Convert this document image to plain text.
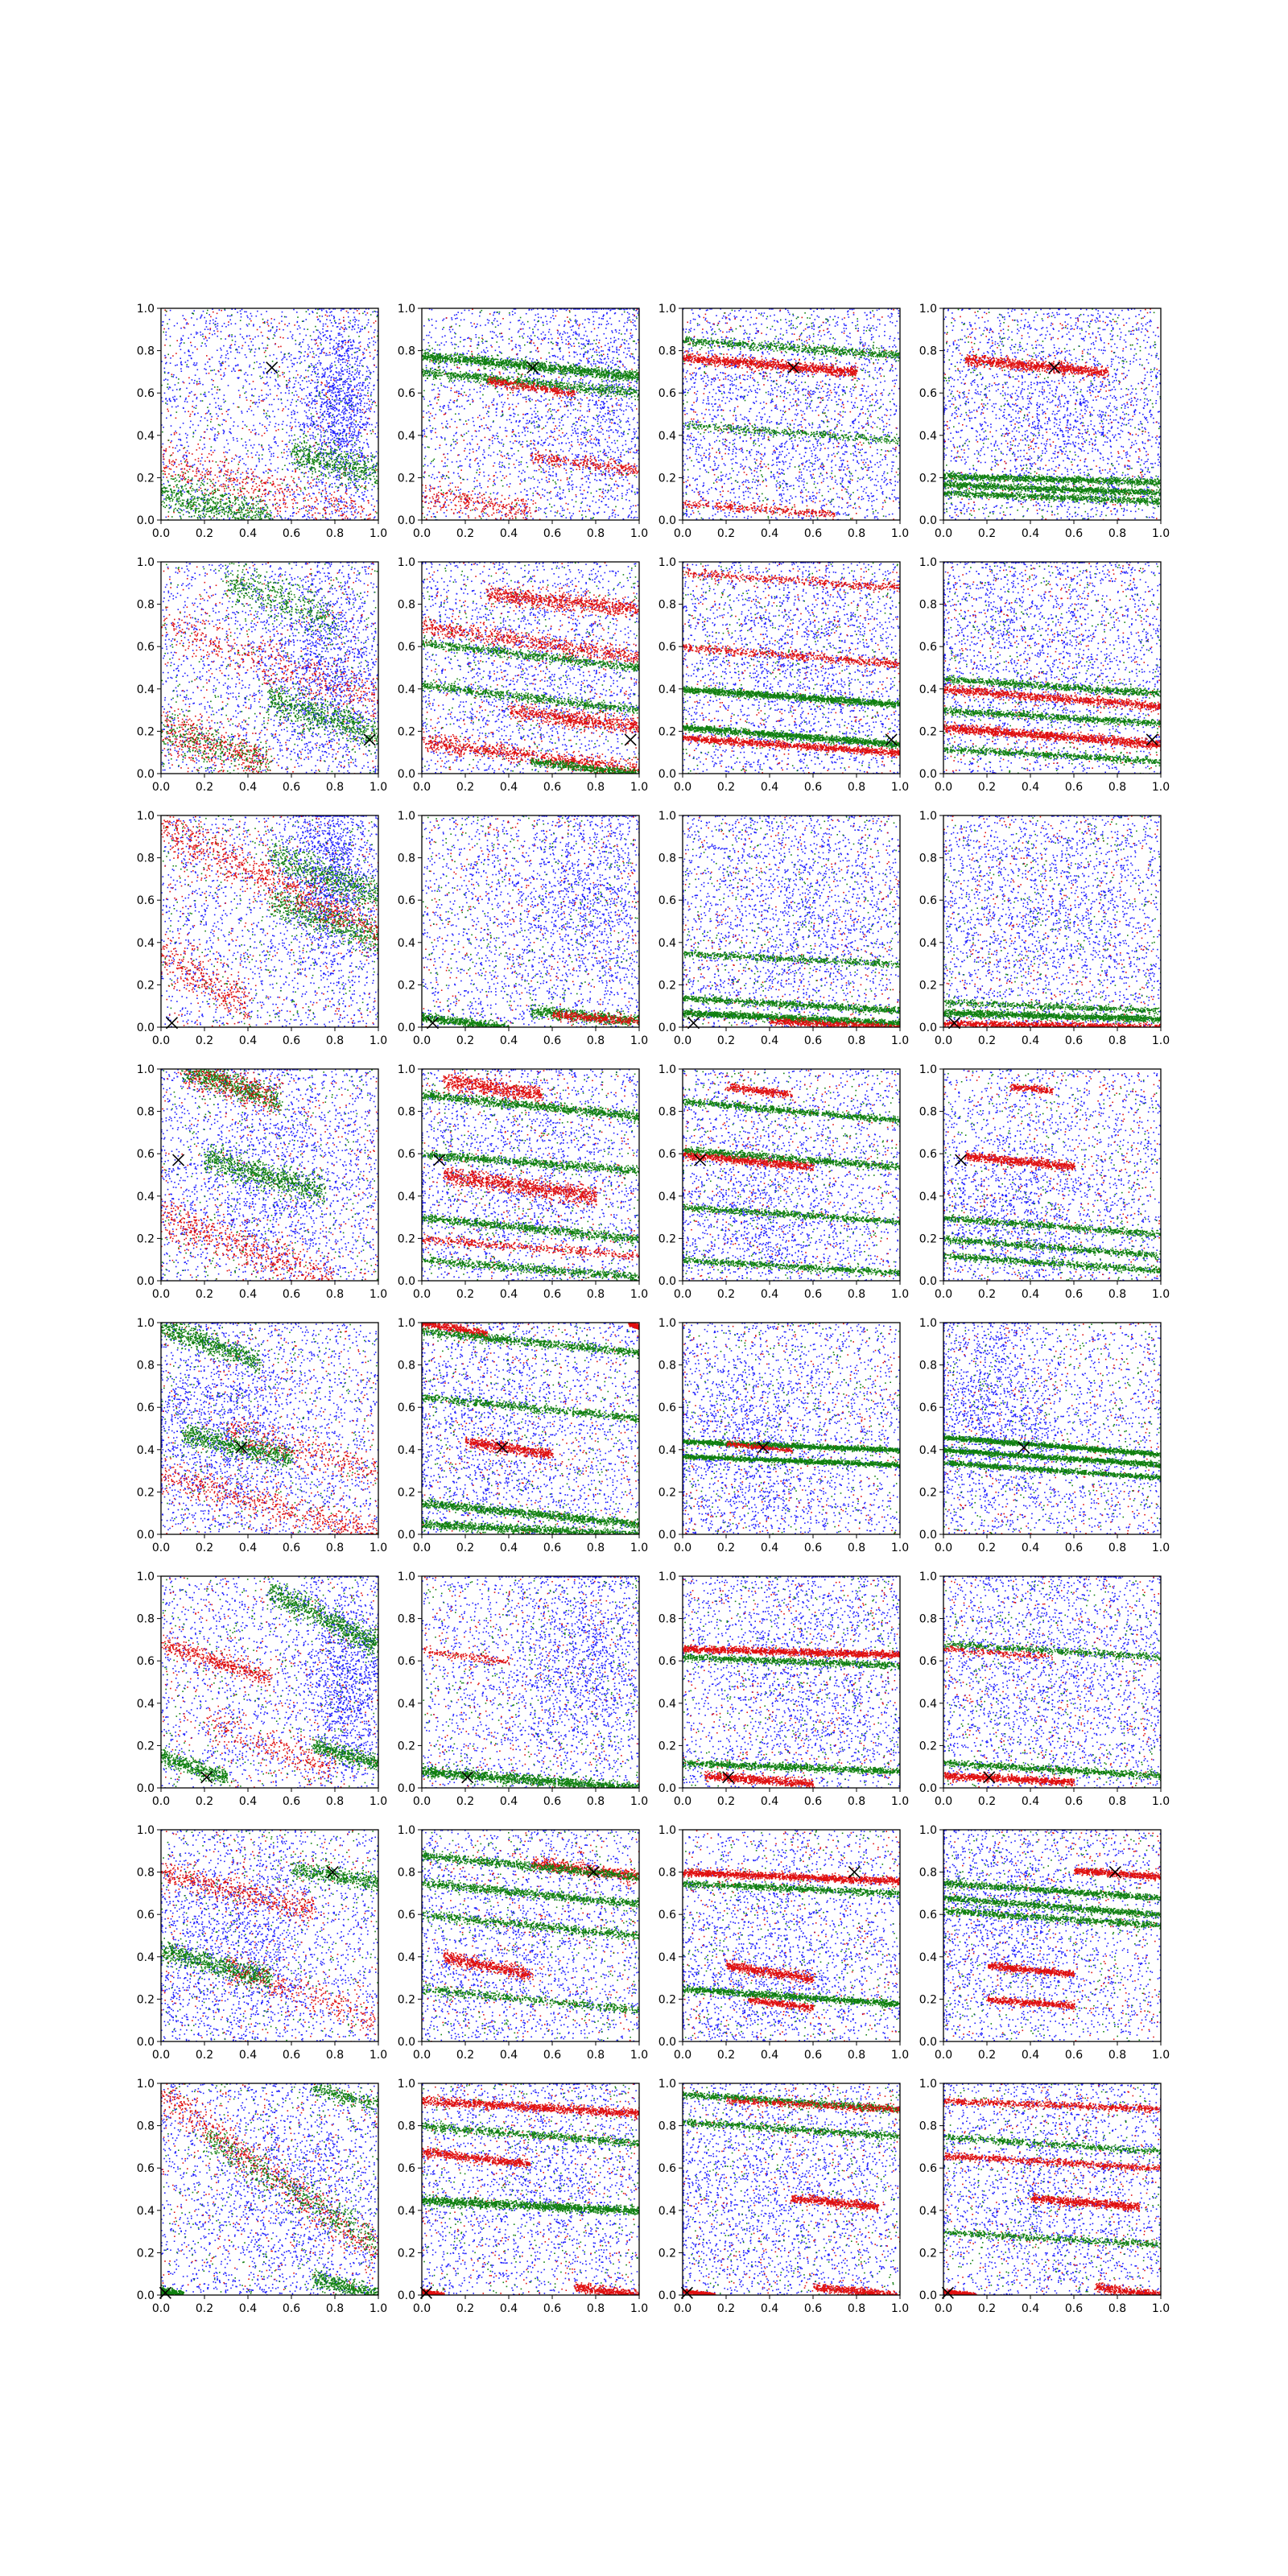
0.0 0.2 0.4 0.6 0.8 1.0
0.0
0.2
0.4
0.6
0.8
1.0
0.0 0.2 0.4 0.6 0.8 1.0
0.0
0.2
0.4
0.6
0.8
1.0
0.0 0.2 0.4 0.6 0.8 1.0
0.0
0.2
0.4
0.6
0.8
1.0
0.0 0.2 0.4 0.6 0.8 1.0
0.0
0.2
0.4
0.6
0.8
1.0
0.0 0.2 0.4 0.6 0.8 1.0
0.0
0.2
0.4
0.6
0.8
1.0
0.0 0.2 0.4 0.6 0.8 1.0
0.0
0.2
0.4
0.6
0.8
1.0
0.0 0.2 0.4 0.6 0.8 1.0
0.0
0.2
0.4
0.6
0.8
1.0
0.0 0.2 0.4 0.6 0.8 1.0
0.0
0.2
0.4
0.6
0.8
1.0
0.0 0.2 0.4 0.6 0.8 1.0
0.0
0.2
0.4
0.6
0.8
1.0
0.0 0.2 0.4 0.6 0.8 1.0
0.0
0.2
0.4
0.6
0.8
1.0
0.0 0.2 0.4 0.6 0.8 1.0
0.0
0.2
0.4
0.6
0.8
1.0
0.0 0.2 0.4 0.6 0.8 1.0
0.0
0.2
0.4
0.6
0.8
1.0
0.0 0.2 0.4 0.6 0.8 1.0
0.0
0.2
0.4
0.6
0.8
1.0
0.0 0.2 0.4 0.6 0.8 1.0
0.0
0.2
0.4
0.6
0.8
1.0
0.0 0.2 0.4 0.6 0.8 1.0
0.0
0.2
0.4
0.6
0.8
1.0
0.0 0.2 0.4 0.6 0.8 1.0
0.0
0.2
0.4
0.6
0.8
1.0
0.0 0.2 0.4 0.6 0.8 1.0
0.0
0.2
0.4
0.6
0.8
1.0
0.0 0.2 0.4 0.6 0.8 1.0
0.0
0.2
0.4
0.6
0.8
1.0
0.0 0.2 0.4 0.6 0.8 1.0
0.0
0.2
0.4
0.6
0.8
1.0
0.0 0.2 0.4 0.6 0.8 1.0
0.0
0.2
0.4
0.6
0.8
1.0
0.0 0.2 0.4 0.6 0.8 1.0
0.0
0.2
0.4
0.6
0.8
1.0
0.0 0.2 0.4 0.6 0.8 1.0
0.0
0.2
0.4
0.6
0.8
1.0
0.0 0.2 0.4 0.6 0.8 1.0
0.0
0.2
0.4
0.6
0.8
1.0
0.0 0.2 0.4 0.6 0.8 1.0
0.0
0.2
0.4
0.6
0.8
1.0
0.0 0.2 0.4 0.6 0.8 1.0
0.0
0.2
0.4
0.6
0.8
1.0
0.0 0.2 0.4 0.6 0.8 1.0
0.0
0.2
0.4
0.6
0.8
1.0
0.0 0.2 0.4 0.6 0.8 1.0
0.0
0.2
0.4
0.6
0.8
1.0
0.0 0.2 0.4 0.6 0.8 1.0
0.0
0.2
0.4
0.6
0.8
1.0
0.0 0.2 0.4 0.6 0.8 1.0
0.0
0.2
0.4
0.6
0.8
1.0
0.0 0.2 0.4 0.6 0.8 1.0
0.0
0.2
0.4
0.6
0.8
1.0
0.0 0.2 0.4 0.6 0.8 1.0
0.0
0.2
0.4
0.6
0.8
1.0
0.0 0.2 0.4 0.6 0.8 1.0
0.0
0.2
0.4
0.6
0.8
1.0
